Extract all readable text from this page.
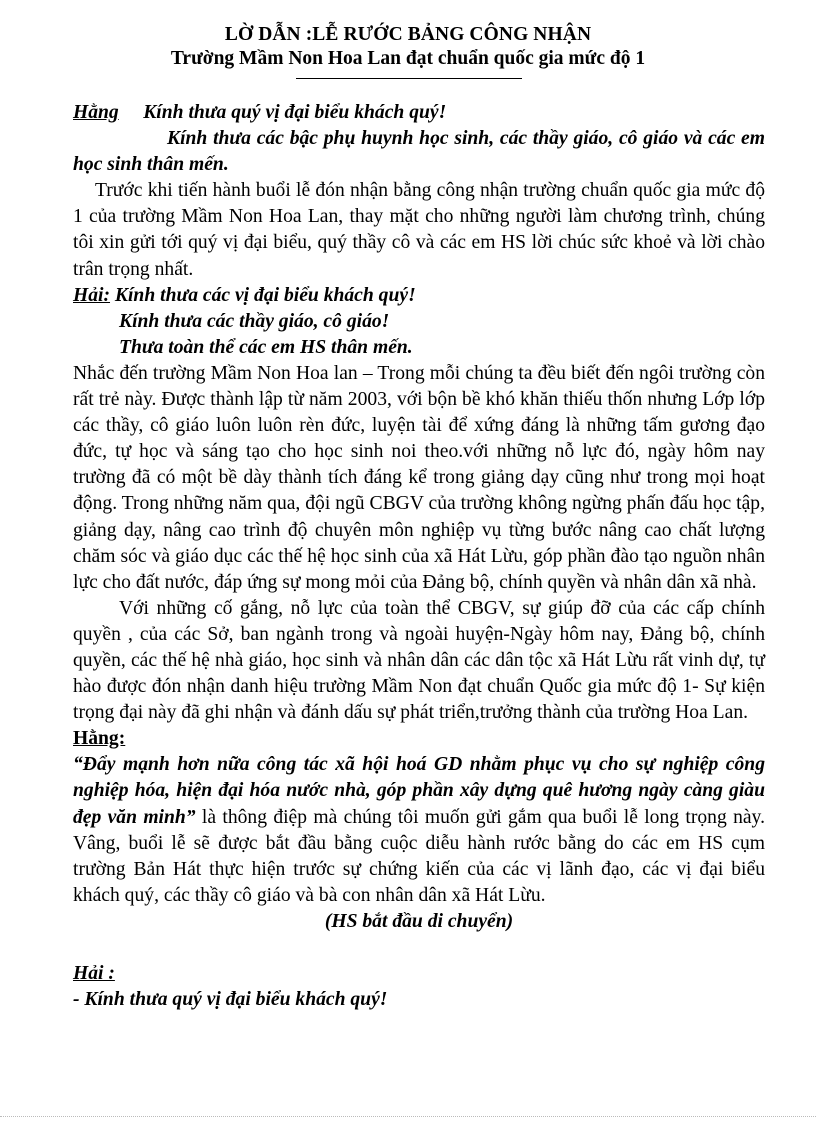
LỜ DẪN :LỄ RƯỚC BẢNG CÔNG NHẬN
Trường Mầm Non Hoa Lan đạt chuẩn quốc gia mức độ 1

Hằng Kính thưa quý vị đại biểu khách quý!

Kính thưa các bậc phụ huynh học sinh, các thầy giáo, cô giáo và các em học sinh thân mến.

Trước khi tiến hành buổi lễ đón nhận bằng công nhận trường chuẩn quốc gia mức độ 1 của trường Mầm Non Hoa Lan, thay mặt cho những người làm chương trình, chúng tôi xin gửi tới quý vị đại biểu, quý thầy cô và các em HS lời chúc sức khoẻ và lời chào trân trọng nhất.

Hải: Kính thưa các vị đại biểu khách quý!

Kính thưa các thầy giáo, cô giáo!

Thưa toàn thể các em HS thân mến.

Nhắc đến trường Mầm Non Hoa lan – Trong mỗi chúng ta đều biết đến ngôi trường còn rất trẻ này. Được thành lập từ năm 2003, với bộn bề khó khăn thiếu thốn nhưng Lớp lớp các thầy, cô giáo luôn luôn rèn đức, luyện tài để xứng đáng là những tấm gương đạo đức, tự học và sáng tạo cho học sinh noi theo.với những nỗ lực đó, ngày hôm nay trường đã có một bề dày thành tích đáng kể trong giảng dạy cũng như trong mọi hoạt động. Trong những năm qua, đội ngũ CBGV của trường không ngừng phấn đấu học tập, giảng dạy, nâng cao trình độ chuyên môn nghiệp vụ từng bước nâng cao chất lượng chăm sóc và giáo dục các thế hệ học sinh của xã Hát Lừu, góp phần đào tạo nguồn nhân lực cho đất nước, đáp ứng sự mong mỏi của Đảng bộ, chính quyền và nhân dân xã nhà.

Với những cố gắng, nỗ lực của toàn thể CBGV, sự giúp đỡ của các cấp chính quyền , của các Sở, ban ngành trong và ngoài huyện-Ngày hôm nay, Đảng bộ, chính quyền, các thế hệ nhà giáo, học sinh và nhân dân các dân tộc xã Hát Lừu rất vinh dự, tự hào được đón nhận danh hiệu trường Mầm Non đạt chuẩn Quốc gia mức độ 1- Sự kiện trọng đại này đã ghi nhận và đánh dấu sự phát triển,trưởng thành của trường Hoa Lan.

Hằng:

“Đẩy mạnh hơn nữa công tác xã hội hoá GD nhằm phục vụ cho sự nghiệp công nghiệp hóa, hiện đại hóa nước nhà, góp phần xây dựng quê hương ngày càng giàu đẹp văn minh” là thông điệp mà chúng tôi muốn gửi gắm qua buổi lễ long trọng này. Vâng, buổi lễ sẽ được bắt đầu bằng cuộc diễu hành rước bằng do các em HS cụm trường Bản Hát thực hiện trước sự chứng kiến của các vị lãnh đạo, các vị đại biểu khách quý, các thầy cô giáo và bà con nhân dân xã Hát Lừu.

(HS bắt đầu di chuyển)

Hải :

- Kính thưa quý vị đại biểu khách quý!
